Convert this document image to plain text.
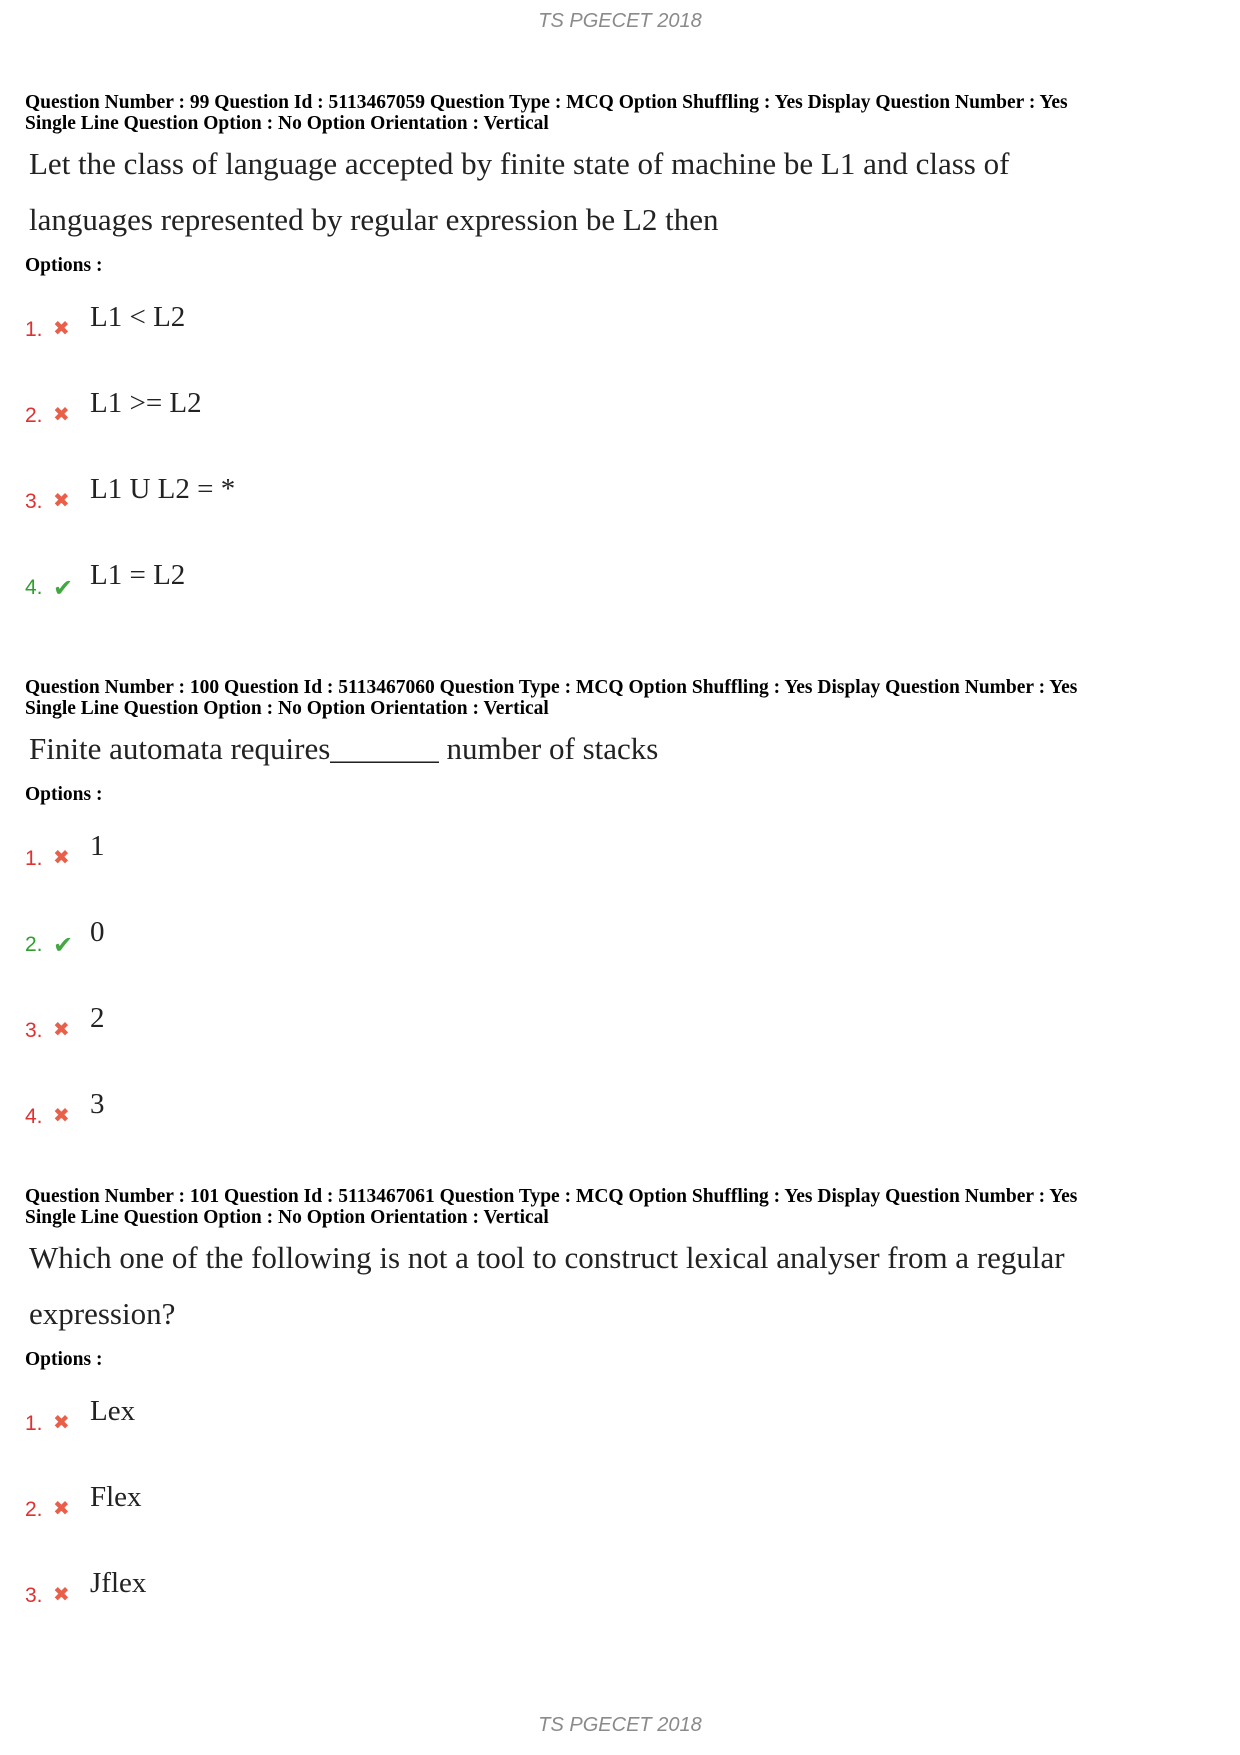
TS PGECET 2018
Question Number : 99 Question Id : 5113467059 Question Type : MCQ Option Shuffling : Yes Display Question Number : Yes
Single Line Question Option : No Option Orientation : Vertical
Let the class of language accepted by finite state of machine be L1 and class of
languages represented by regular expression be L2 then
Options :
1. ✖ L1 < L2
2. ✖ L1 >= L2
3. ✖ L1 U L2 = *
4. ✔ L1 = L2
Question Number : 100 Question Id : 5113467060 Question Type : MCQ Option Shuffling : Yes Display Question Number : Yes
Single Line Question Option : No Option Orientation : Vertical
Finite automata requires_______ number of stacks
Options :
1. ✖ 1
2. ✔ 0
3. ✖ 2
4. ✖ 3
Question Number : 101 Question Id : 5113467061 Question Type : MCQ Option Shuffling : Yes Display Question Number : Yes
Single Line Question Option : No Option Orientation : Vertical
Which one of the following is not a tool to construct lexical analyser from a regular
expression?
Options :
1. ✖ Lex
2. ✖ Flex
3. ✖ Jflex
TS PGECET 2018
